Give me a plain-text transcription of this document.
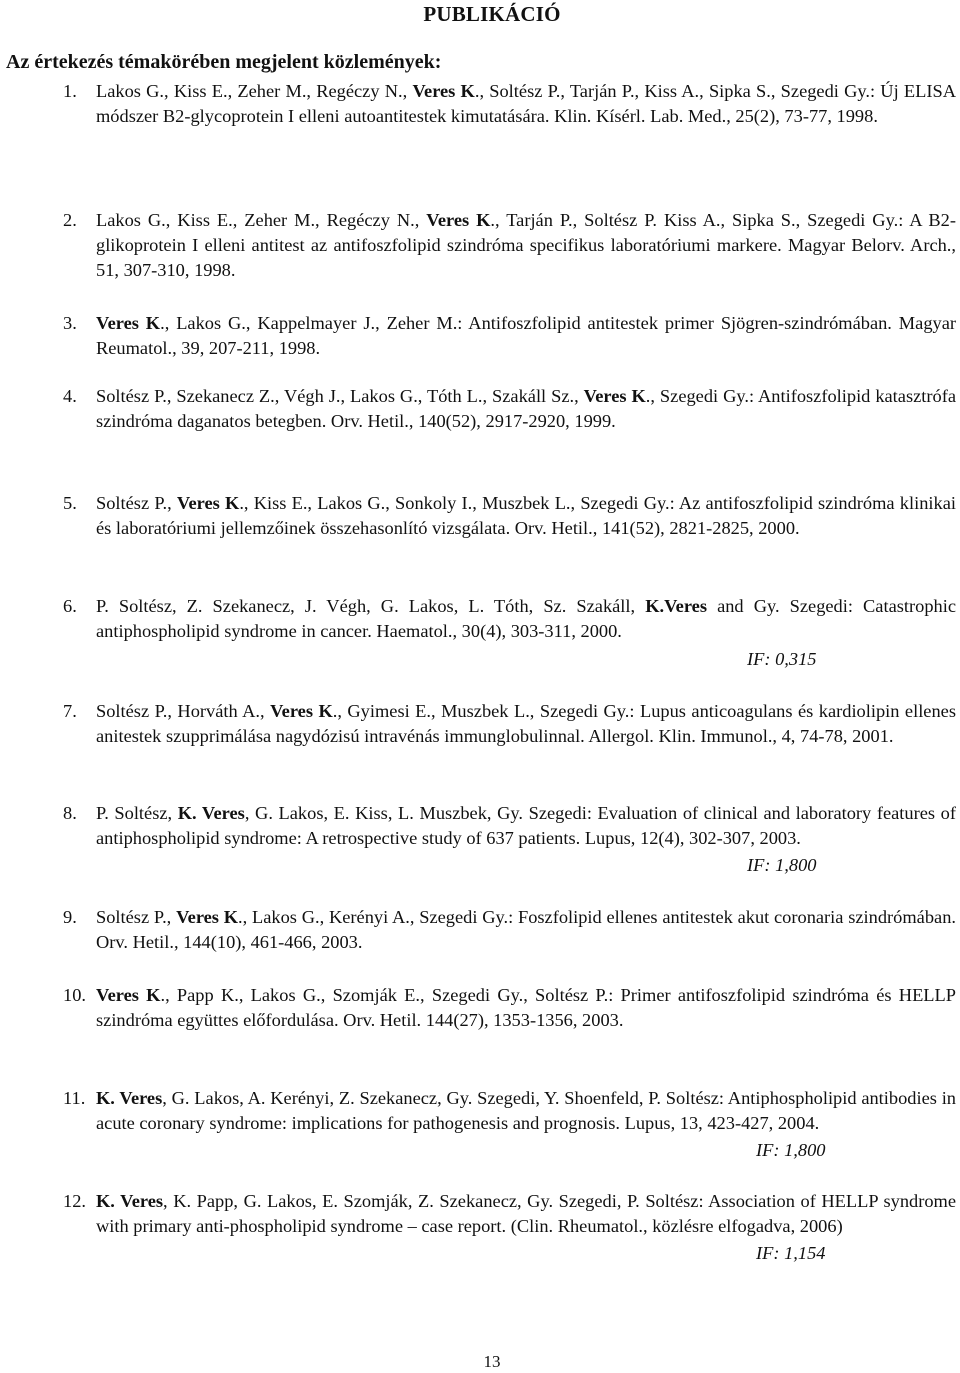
PUBLIKÁCIÓ
Az értekezés témakörében megjelent közlemények:
1.	Lakos G., Kiss E., Zeher M., Regéczy N., Veres K., Soltész P., Tarján P., Kiss A., Sipka S., Szegedi Gy.: Új ELISA módszer B2-glycoprotein I elleni autoantitestek kimutatására. Klin. Kísérl. Lab. Med., 25(2), 73-77, 1998.
2.	Lakos G., Kiss E., Zeher M., Regéczy N., Veres K., Tarján P., Soltész P. Kiss A., Sipka S., Szegedi Gy.: A B2-glikoprotein I elleni antitest az antifoszfolipid szindróma specifikus laboratóriumi markere. Magyar Belorv. Arch., 51, 307-310, 1998.
3.	Veres K., Lakos G., Kappelmayer J., Zeher M.: Antifoszfolipid antitestek primer Sjögren-szindrómában. Magyar Reumatol., 39, 207-211, 1998.
4.	Soltész P., Szekanecz Z., Végh J., Lakos G., Tóth L., Szakáll Sz., Veres K., Szegedi Gy.: Antifoszfolipid katasztrófa szindróma daganatos betegben. Orv. Hetil., 140(52), 2917-2920, 1999.
5.	Soltész P., Veres K., Kiss E., Lakos G., Sonkoly I., Muszbek L., Szegedi Gy.: Az antifoszfolipid szindróma klinikai és laboratóriumi jellemzőinek összehasonlító vizsgálata. Orv. Hetil., 141(52), 2821-2825, 2000.
6.	P. Soltész, Z. Szekanecz, J. Végh, G. Lakos, L. Tóth, Sz. Szakáll, K.Veres and Gy. Szegedi: Catastrophic antiphospholipid syndrome in cancer. Haematol., 30(4), 303-311, 2000.
IF: 0,315
7.	Soltész P., Horváth A., Veres K., Gyimesi E., Muszbek L., Szegedi Gy.: Lupus anticoagulans és kardiolipin ellenes anitestek szupprimálása nagydózisú intravénás immunglobulinnal. Allergol. Klin. Immunol., 4, 74-78, 2001.
8.	P. Soltész, K. Veres, G. Lakos, E. Kiss, L. Muszbek, Gy. Szegedi: Evaluation of clinical and laboratory features of antiphospholipid syndrome: A retrospective study of 637 patients. Lupus, 12(4), 302-307, 2003.
IF: 1,800
9.	Soltész P., Veres K., Lakos G., Kerényi A., Szegedi Gy.: Foszfolipid ellenes antitestek akut coronaria szindrómában. Orv. Hetil., 144(10), 461-466, 2003.
10. Veres K., Papp K., Lakos G., Szomják E., Szegedi Gy., Soltész P.: Primer antifoszfolipid szindróma és HELLP szindróma együttes előfordulása. Orv. Hetil. 144(27), 1353-1356, 2003.
11. K. Veres, G. Lakos, A. Kerényi, Z. Szekanecz, Gy. Szegedi, Y. Shoenfeld, P. Soltész: Antiphospholipid antibodies in acute coronary syndrome: implications for pathogenesis and prognosis. Lupus, 13, 423-427, 2004.
IF: 1,800
12. K. Veres, K. Papp, G. Lakos, E. Szomják, Z. Szekanecz, Gy. Szegedi, P. Soltész: Association of HELLP syndrome with primary anti-phospholipid syndrome – case report. (Clin. Rheumatol., közlésre elfogadva, 2006)
IF: 1,154
13
